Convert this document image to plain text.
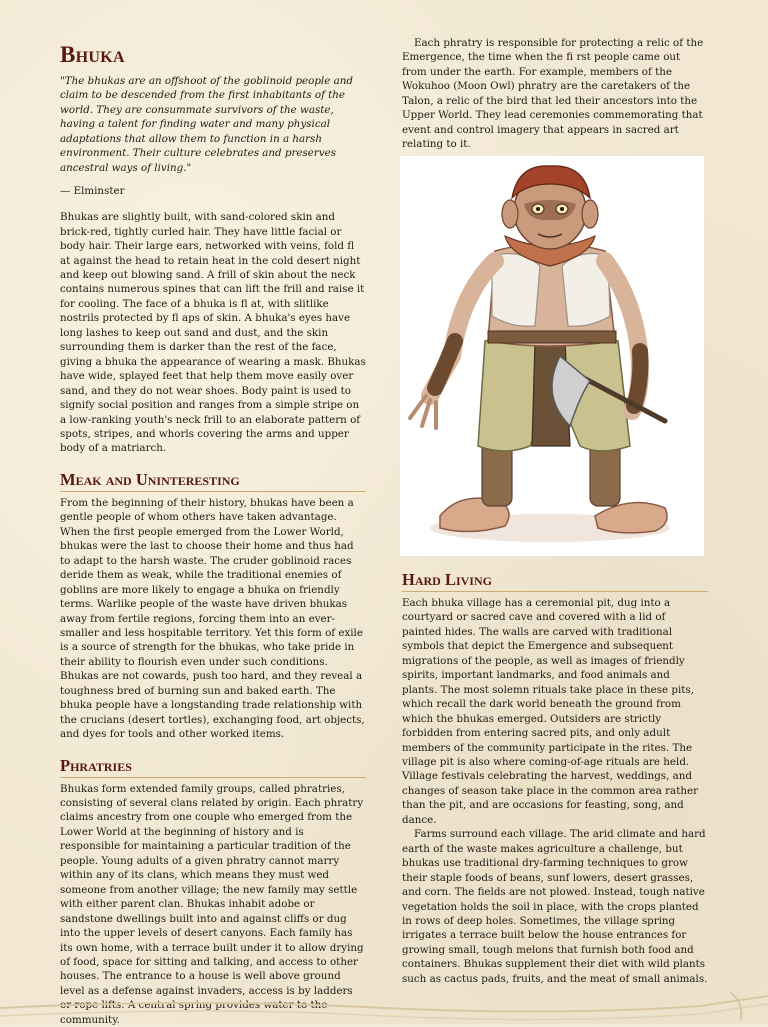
Bhuka

"The bhukas are an offshoot of the goblinoid people and claim to be descended from the first inhabitants of the world. They are consummate survivors of the waste, having a talent for finding water and many physical adaptations that allow them to function in a harsh environment. Their culture celebrates and preserves ancestral ways of living."

— Elminster

Bhukas are slightly built, with sand-colored skin and brick-red, tightly curled hair. They have little facial or body hair. Their large ears, networked with veins, fold fl at against the head to retain heat in the cold desert night and keep out blowing sand. A frill of skin about the neck contains numerous spines that can lift the frill and raise it for cooling. The face of a bhuka is fl at, with slitlike nostrils protected by fl aps of skin. A bhuka's eyes have long lashes to keep out sand and dust, and the skin surrounding them is darker than the rest of the face, giving a bhuka the appearance of wearing a mask. Bhukas have wide, splayed feet that help them move easily over sand, and they do not wear shoes. Body paint is used to signify social position and ranges from a simple stripe on a low-ranking youth's neck frill to an elaborate pattern of spots, stripes, and whorls covering the arms and upper body of a matriarch.

Meak and Uninteresting

From the beginning of their history, bhukas have been a gentle people of whom others have taken advantage. When the first people emerged from the Lower World, bhukas were the last to choose their home and thus had to adapt to the harsh waste. The cruder goblinoid races deride them as weak, while the traditional enemies of goblins are more likely to engage a bhuka on friendly terms. Warlike people of the waste have driven bhukas away from fertile regions, forcing them into an ever-smaller and less hospitable territory. Yet this form of exile is a source of strength for the bhukas, who take pride in their ability to flourish even under such conditions. Bhukas are not cowards, push too hard, and they reveal a toughness bred of burning sun and baked earth. The bhuka people have a longstanding trade relationship with the crucians (desert tortles), exchanging food, art objects, and dyes for tools and other worked items.

Phratries

Bhukas form extended family groups, called phratries, consisting of several clans related by origin. Each phratry claims ancestry from one couple who emerged from the Lower World at the beginning of history and is responsible for maintaining a particular tradition of the people. Young adults of a given phratry cannot marry within any of its clans, which means they must wed someone from another village; the new family may settle with either parent clan. Bhukas inhabit adobe or sandstone dwellings built into and against cliffs or dug into the upper levels of desert canyons. Each family has its own home, with a terrace built under it to allow drying of food, space for sitting and talking, and access to other houses. The entrance to a house is well above ground level as a defense against invaders, access is by ladders or rope lifts. A central spring provides water to the community.

Each phratry is responsible for protecting a relic of the Emergence, the time when the fi rst people came out from under the earth. For example, members of the Wokuhoo (Moon Owl) phratry are the caretakers of the Talon, a relic of the bird that led their ancestors into the Upper World. They lead ceremonies commemorating that event and control imagery that appears in sacred art relating to it.

Hard Living

Each bhuka village has a ceremonial pit, dug into a courtyard or sacred cave and covered with a lid of painted hides. The walls are carved with traditional symbols that depict the Emergence and subsequent migrations of the people, as well as images of friendly spirits, important landmarks, and food animals and plants. The most solemn rituals take place in these pits, which recall the dark world beneath the ground from which the bhukas emerged. Outsiders are strictly forbidden from entering sacred pits, and only adult members of the community participate in the rites. The village pit is also where coming-of-age rituals are held. Village festivals celebrating the harvest, weddings, and changes of season take place in the common area rather than the pit, and are occasions for feasting, song, and dance.

Farms surround each village. The arid climate and hard earth of the waste makes agriculture a challenge, but bhukas use traditional dry-farming techniques to grow their staple foods of beans, sunf lowers, desert grasses, and corn. The fields are not plowed. Instead, tough native vegetation holds the soil in place, with the crops planted in rows of deep holes. Sometimes, the village spring irrigates a terrace built below the house entrances for growing small, tough melons that furnish both food and containers. Bhukas supplement their diet with wild plants such as cactus pads, fruits, and the meat of small animals.
